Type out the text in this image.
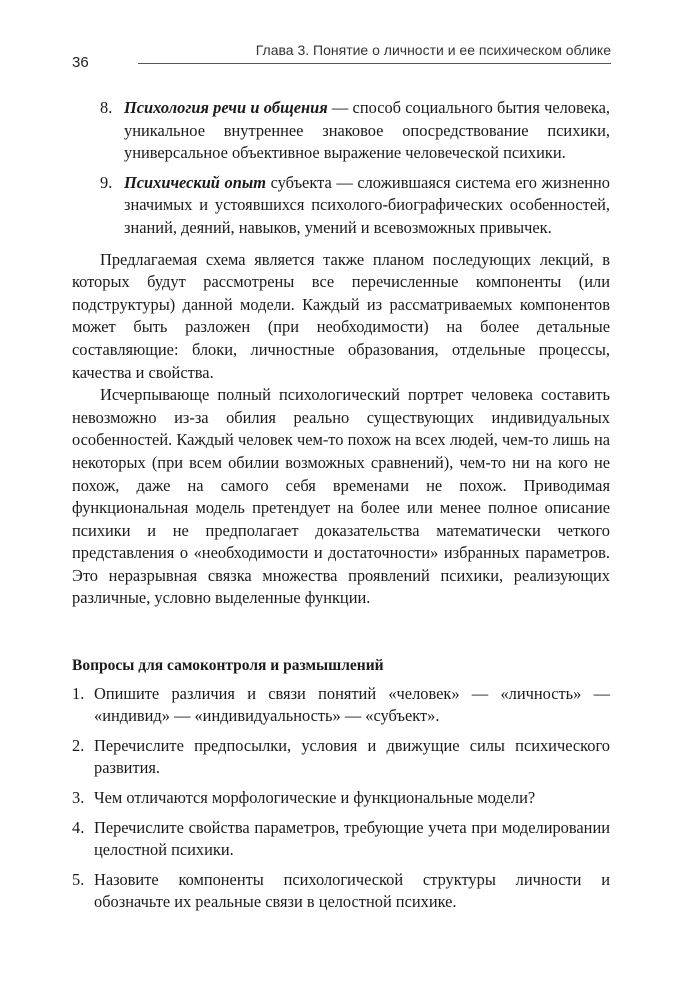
36
Глава 3. Понятие о личности и ее психическом облике
8. Психология речи и общения — способ социального бытия человека, уникальное внутреннее знаковое опосредствование психики, универсальное объективное выражение человеческой психики.
9. Психический опыт субъекта — сложившаяся система его жизненно значимых и устоявшихся психолого-биографических особенностей, знаний, деяний, навыков, умений и всевозможных привычек.

Предлагаемая схема является также планом последующих лекций, в которых будут рассмотрены все перечисленные компоненты (или подструктуры) данной модели. Каждый из рассматриваемых компонентов может быть разложен (при необходимости) на более детальные составляющие: блоки, личностные образования, отдельные процессы, качества и свойства.

Исчерпывающе полный психологический портрет человека составить невозможно из-за обилия реально существующих индивидуальных особенностей. Каждый человек чем-то похож на всех людей, чем-то лишь на некоторых (при всем обилии возможных сравнений), чем-то ни на кого не похож, даже на самого себя временами не похож. Приводимая функциональная модель претендует на более или менее полное описание психики и не предполагает доказательства математически четкого представления о «необходимости и достаточности» избранных параметров. Это неразрывная связка множества проявлений психики, реализующих различные, условно выделенные функции.

Вопросы для самоконтроля и размышлений
1. Опишите различия и связи понятий «человек» — «личность» — «индивид» — «индивидуальность» — «субъект».
2. Перечислите предпосылки, условия и движущие силы психического развития.
3. Чем отличаются морфологические и функциональные модели?
4. Перечислите свойства параметров, требующие учета при моделировании целостной психики.
5. Назовите компоненты психологической структуры личности и обозначьте их реальные связи в целостной психике.
